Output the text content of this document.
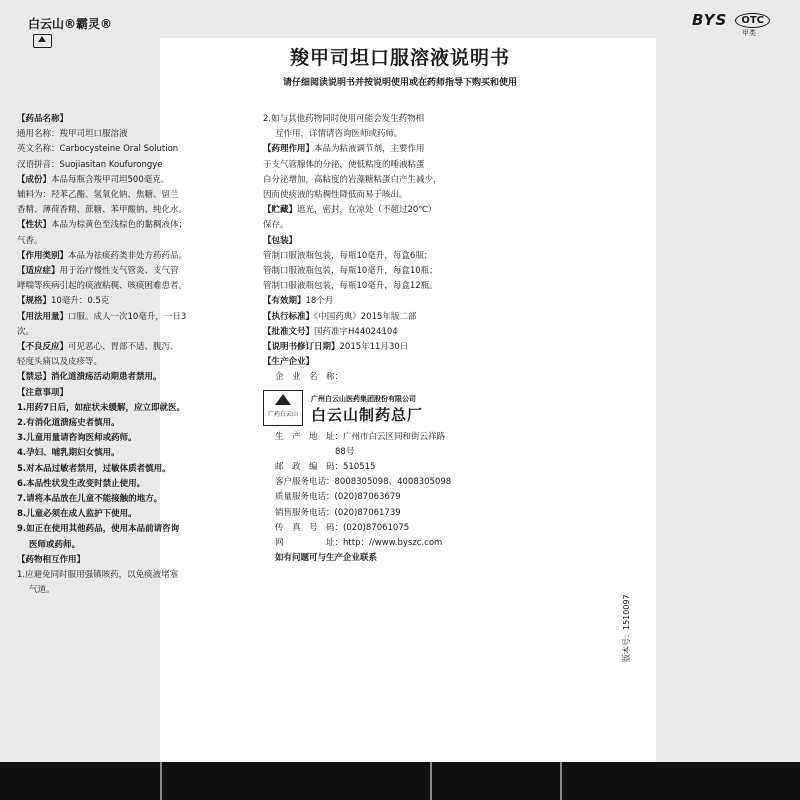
白云山®霸灵®	BYS	OTC
甲类
羧甲司坦口服溶液说明书
请仔细阅读说明书并按说明使用或在药师指导下购买和使用
【药品名称】
通用名称：羧甲司坦口服溶液
英文名称：Carbocysteine Oral Solution
汉语拼音：Suojiasitan Koufurongye
【成份】本品每瓶含羧甲司坦500毫克。
辅料为：羟苯乙酯、氢氧化钠、焦糖、留兰
香精、薄荷香精、蔗糖、苯甲酸钠、纯化水。
【性状】本品为棕黄色至浅棕色的黏稠液体；
气香。
【作用类别】本品为祛痰药类非处方药药品。
【适应症】用于治疗慢性支气管炎、支气管
哮喘等疾病引起的痰液粘稠、咳痰困难患者。
【规格】10毫升：0.5克
【用法用量】口服。成人一次10毫升，一日3
次。
【不良反应】可见恶心、胃部不适、腹泻、
轻度头痛以及皮疹等。
【禁忌】消化道溃疡活动期患者禁用。
【注意事项】
1.用药7日后，如症状未缓解，应立即就医。
2.有消化道溃疡史者慎用。
3.儿童用量请咨询医师或药师。
4.孕妇、哺乳期妇女慎用。
5.对本品过敏者禁用，过敏体质者慎用。
6.本品性状发生改变时禁止使用。
7.请将本品放在儿童不能接触的地方。
8.儿童必须在成人监护下使用。
9.如正在使用其他药品，使用本品前请咨询
医师或药师。
【药物相互作用】
1.应避免同时服用强镇咳药，以免痰液堵塞
气道。
2.如与其他药物同时使用可能会发生药物相
互作用，详情请咨询医师或药师。
【药理作用】本品为粘液调节剂，主要作用
于支气管腺体的分泌，使低粘度的唾液粘蛋
白分泌增加，高粘度的岩藻糖粘蛋白产生减少，
因而使痰液的粘稠性降低而易于咳出。
【贮藏】遮光，密封，在凉处（不超过20℃）
保存。
【包装】
管制口服液瓶包装，每瓶10毫升，每盒6瓶；
管制口服液瓶包装，每瓶10毫升，每盒10瓶；
管制口服液瓶包装，每瓶10毫升，每盒12瓶。
【有效期】18个月
【执行标准】《中国药典》2015年版二部
【批准文号】国药准字H44024104
【说明书修订日期】2015年11月30日
【生产企业】
企　业　名　称：
广药白云山
广州白云山医药集团股份有限公司
白云山制药总厂
生　产　地　址：广州市白云区同和街云祥路
88号
邮　政　编　码：510515
客户服务电话：8008305098、4008305098
质量服务电话：(020)87063679
销售服务电话：(020)87061739
传　真　号　码：(020)87061075
网　　　　　址：http：//www.byszc.com
如有问题可与生产企业联系
版本号：1510097
